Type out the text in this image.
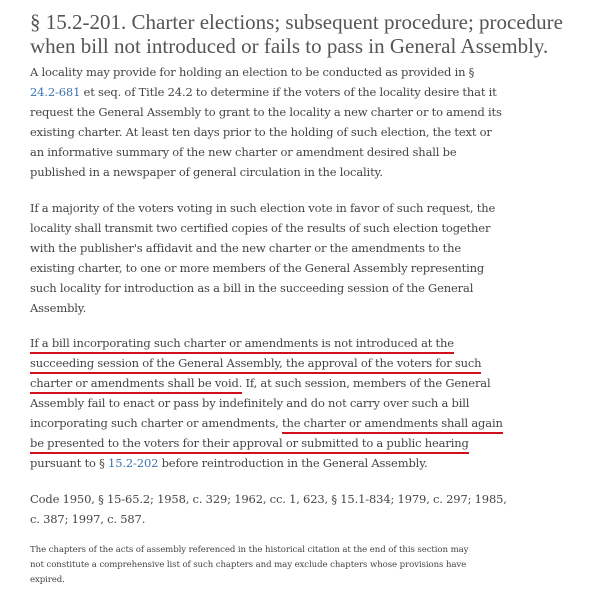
§ 15.2-201. Charter elections; subsequent procedure; procedure
when bill not introduced or fails to pass in General Assembly.

A locality may provide for holding an election to be conducted as provided in §
24.2-681 et seq. of Title 24.2 to determine if the voters of the locality desire that it
request the General Assembly to grant to the locality a new charter or to amend its
existing charter. At least ten days prior to the holding of such election, the text or
an informative summary of the new charter or amendment desired shall be
published in a newspaper of general circulation in the locality.

If a majority of the voters voting in such election vote in favor of such request, the
locality shall transmit two certified copies of the results of such election together
with the publisher's affidavit and the new charter or the amendments to the
existing charter, to one or more members of the General Assembly representing
such locality for introduction as a bill in the succeeding session of the General
Assembly.

If a bill incorporating such charter or amendments is not introduced at the
succeeding session of the General Assembly, the approval of the voters for such
charter or amendments shall be void. If, at such session, members of the General
Assembly fail to enact or pass by indefinitely and do not carry over such a bill
incorporating such charter or amendments, the charter or amendments shall again
be presented to the voters for their approval or submitted to a public hearing
pursuant to § 15.2-202 before reintroduction in the General Assembly.

Code 1950, § 15-65.2; 1958, c. 329; 1962, cc. 1, 623, § 15.1-834; 1979, c. 297; 1985,
c. 387; 1997, c. 587.

The chapters of the acts of assembly referenced in the historical citation at the end of this section may
not constitute a comprehensive list of such chapters and may exclude chapters whose provisions have
expired.
